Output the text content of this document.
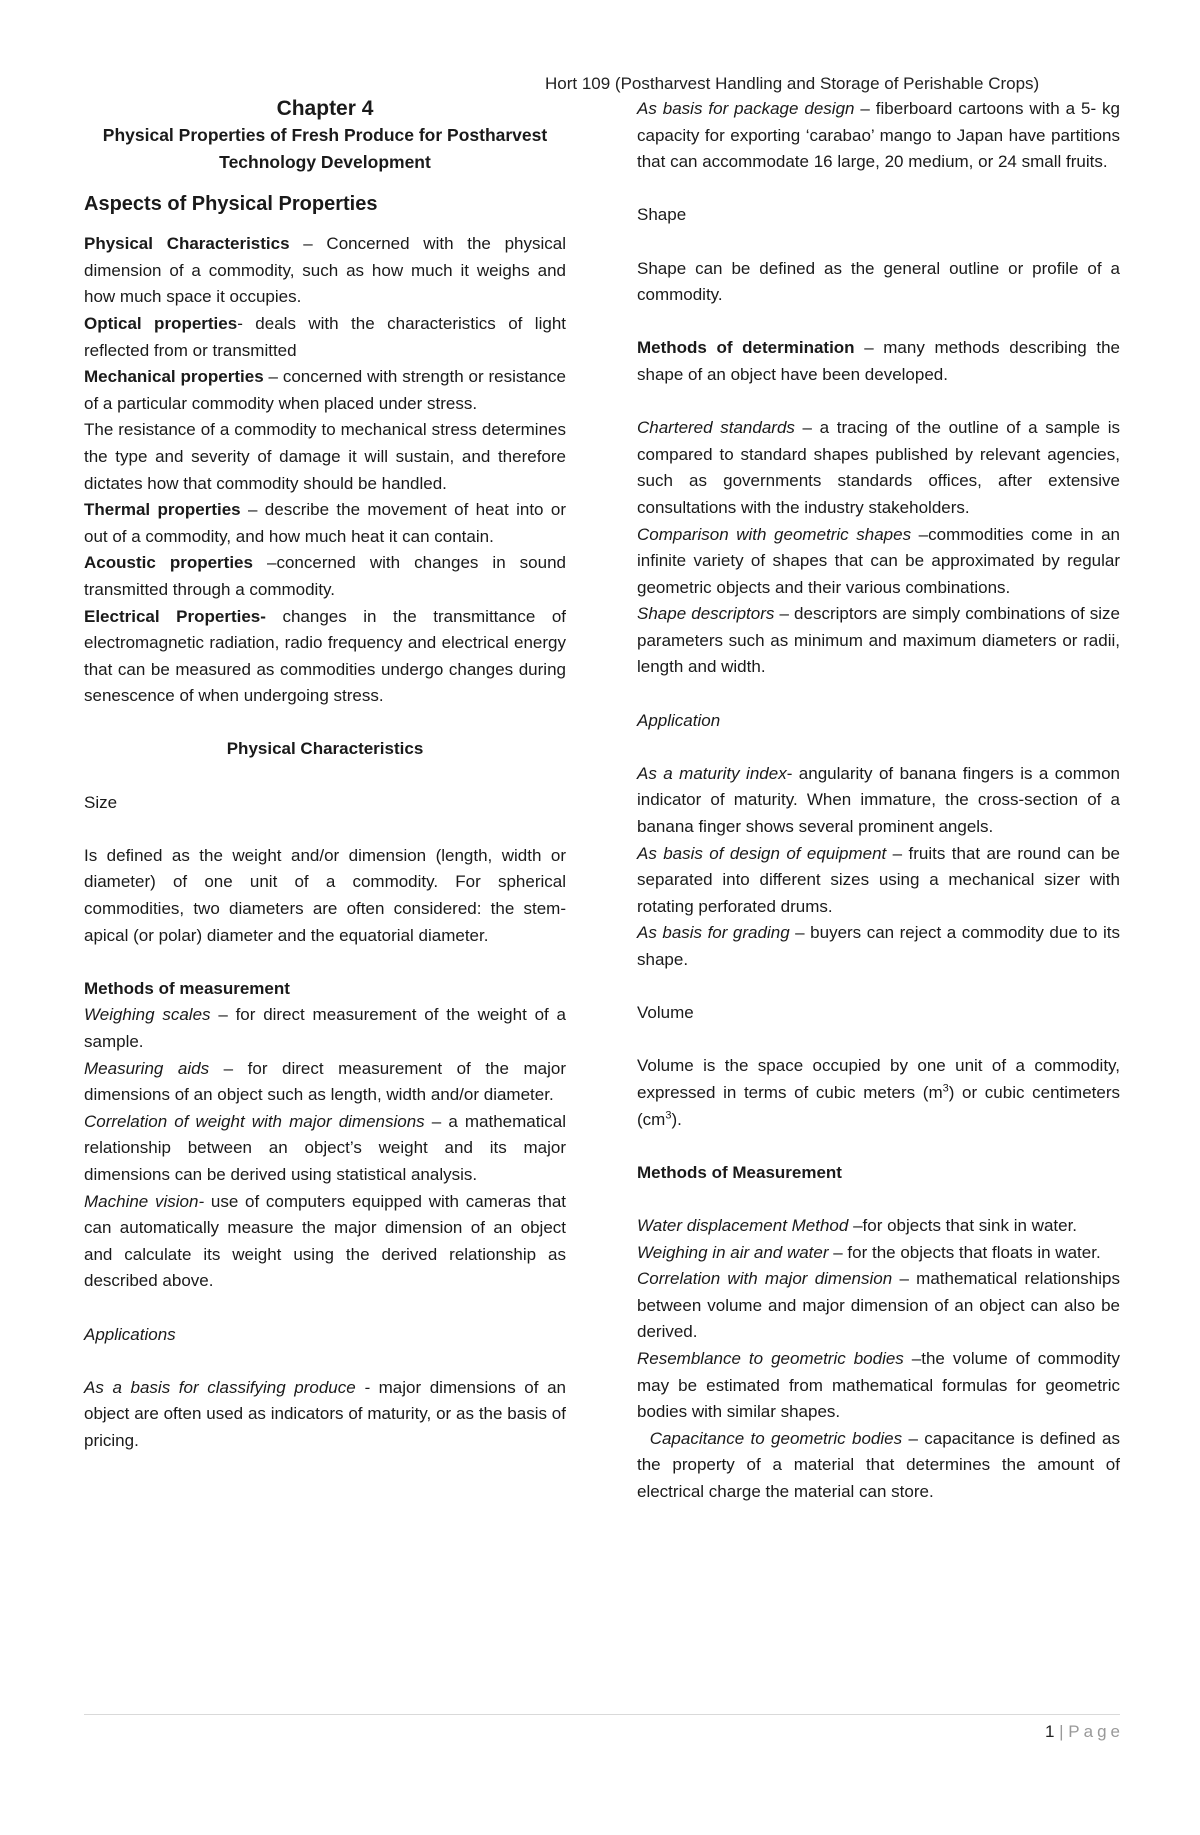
Hort 109 (Postharvest Handling and Storage of Perishable Crops)

Chapter 4

Physical Properties of Fresh Produce for Postharvest

Technology Development

Aspects of Physical Properties

Physical Characteristics – Concerned with the physical dimension of a commodity, such as how much it weighs and how much space it occupies.

Optical properties- deals with the characteristics of light reflected from or transmitted

Mechanical properties – concerned with strength or resistance of a particular commodity when placed under stress.

The resistance of a commodity to mechanical stress determines the type and severity of damage it will sustain, and therefore dictates how that commodity should be handled.

Thermal properties – describe the movement of heat into or out of a commodity, and how much heat it can contain.

Acoustic properties –concerned with changes in sound transmitted through a commodity.

Electrical Properties- changes in the transmittance of electromagnetic radiation, radio frequency and electrical energy that can be measured as commodities undergo changes during senescence of when undergoing stress.

Physical Characteristics

Size

Is defined as the weight and/or dimension (length, width or diameter) of one unit of a commodity. For spherical commodities, two diameters are often considered: the stem-apical (or polar) diameter and the equatorial diameter.

Methods of measurement

Weighing scales – for direct measurement of the weight of a sample.

Measuring aids – for direct measurement of the major dimensions of an object such as length, width and/or diameter.

Correlation of weight with major dimensions – a mathematical relationship between an object’s weight and its major dimensions can be derived using statistical analysis.

Machine vision- use of computers equipped with cameras that can automatically measure the major dimension of an object and calculate its weight using the derived relationship as described above.

Applications

As a basis for classifying produce - major dimensions of an object are often used as indicators of maturity, or as the basis of pricing.

As basis for package design – fiberboard cartoons with a 5- kg capacity for exporting ‘carabao’ mango to Japan have partitions that can accommodate 16 large, 20 medium, or 24 small fruits.

Shape

Shape can be defined as the general outline or profile of a commodity.

Methods of determination – many methods describing the shape of an object have been developed.

Chartered standards – a tracing of the outline of a sample is compared to standard shapes published by relevant agencies, such as governments standards offices, after extensive consultations with the industry stakeholders.

Comparison with geometric shapes –commodities come in an infinite variety of shapes that can be approximated by regular geometric objects and their various combinations.

Shape descriptors – descriptors are simply combinations of size parameters such as minimum and maximum diameters or radii, length and width.

Application

As a maturity index- angularity of banana fingers is a common indicator of maturity. When immature, the cross-section of a banana finger shows several prominent angels.

As basis of design of equipment – fruits that are round can be separated into different sizes using a mechanical sizer with rotating perforated drums.

As basis for grading – buyers can reject a commodity due to its shape.

Volume

Volume is the space occupied by one unit of a commodity, expressed in terms of cubic meters $(m^3)$ or cubic centimeters $(cm^3)$.

Methods of Measurement

Water displacement Method –for objects that sink in water.

Weighing in air and water – for the objects that floats in water.

Correlation with major dimension – mathematical relationships between volume and major dimension of an object can also be derived.

Resemblance to geometric bodies –the volume of commodity may be estimated from mathematical formulas for geometric bodies with similar shapes.

Capacitance to geometric bodies – capacitance is defined as the property of a material that determines the amount of electrical charge the material can store.

1 | Page
